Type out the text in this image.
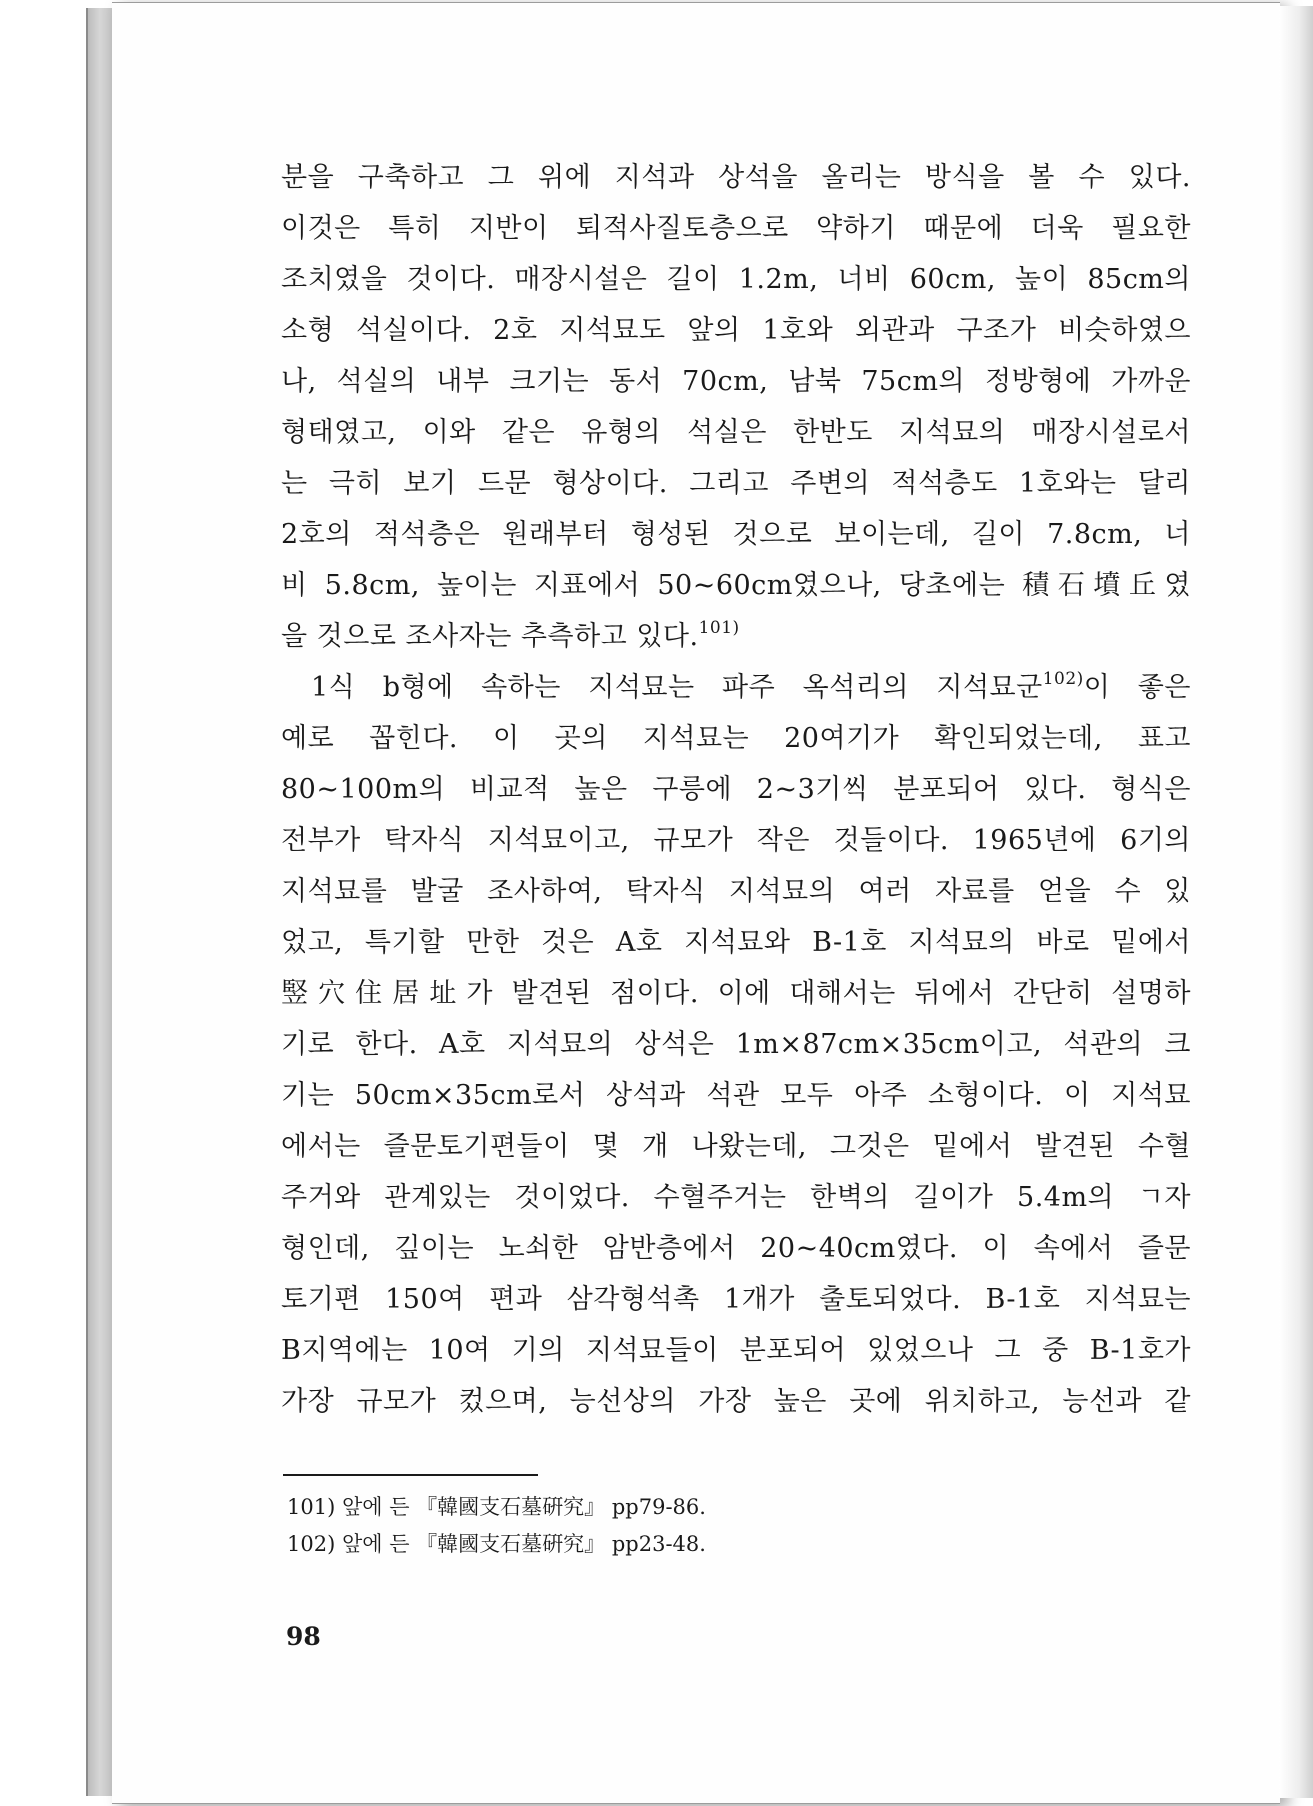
분을 구축하고 그 위에 지석과 상석을 올리는 방식을 볼 수 있다.
이것은 특히 지반이 퇴적사질토층으로 약하기 때문에 더욱 필요한
조치였을 것이다. 매장시설은 길이 1.2m, 너비 60cm, 높이 85cm의
소형 석실이다. 2호 지석묘도 앞의 1호와 외관과 구조가 비슷하였으
나, 석실의 내부 크기는 동서 70cm, 남북 75cm의 정방형에 가까운
형태였고, 이와 같은 유형의 석실은 한반도 지석묘의 매장시설로서
는 극히 보기 드문 형상이다. 그리고 주변의 적석층도 1호와는 달리
2호의 적석층은 원래부터 형성된 것으로 보이는데, 길이 7.8cm, 너
비 5.8cm, 높이는 지표에서 50~60cm였으나, 당초에는 積石墳丘였
을 것으로 조사자는 추측하고 있다.$^{101)}$
1식 b형에 속하는 지석묘는 파주 옥석리의 지석묘군$^{102)}$이 좋은
예로 꼽힌다. 이 곳의 지석묘는 20여기가 확인되었는데, 표고
80~100m의 비교적 높은 구릉에 2~3기씩 분포되어 있다. 형식은
전부가 탁자식 지석묘이고, 규모가 작은 것들이다. 1965년에 6기의
지석묘를 발굴 조사하여, 탁자식 지석묘의 여러 자료를 얻을 수 있
었고, 특기할 만한 것은 A호 지석묘와 B-1호 지석묘의 바로 밑에서
竪穴住居址가 발견된 점이다. 이에 대해서는 뒤에서 간단히 설명하
기로 한다. A호 지석묘의 상석은 1m×87cm×35cm이고, 석관의 크
기는 50cm×35cm로서 상석과 석관 모두 아주 소형이다. 이 지석묘
에서는 즐문토기편들이 몇 개 나왔는데, 그것은 밑에서 발견된 수혈
주거와 관계있는 것이었다. 수혈주거는 한벽의 길이가 5.4m의 ㄱ자
형인데, 깊이는 노쇠한 암반층에서 20~40cm였다. 이 속에서 즐문
토기편 150여 편과 삼각형석촉 1개가 출토되었다. B-1호 지석묘는
B지역에는 10여 기의 지석묘들이 분포되어 있었으나 그 중 B-1호가
가장 규모가 컸으며, 능선상의 가장 높은 곳에 위치하고, 능선과 같
101) 앞에 든 『韓國支石墓硏究』 pp79-86.
102) 앞에 든 『韓國支石墓硏究』 pp23-48.
98
